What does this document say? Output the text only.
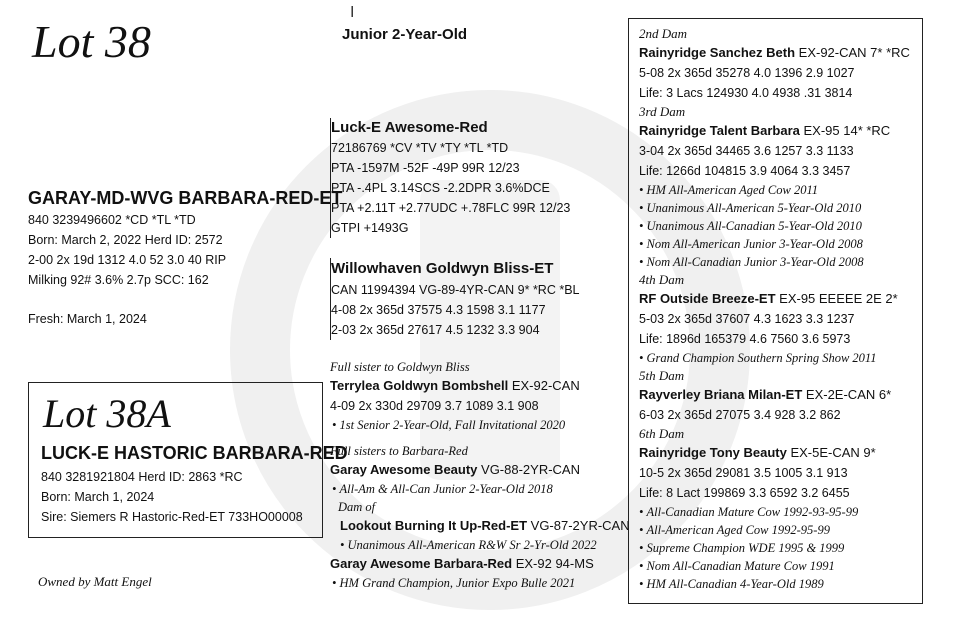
I
Lot 38	Junior 2-Year-Old
GARAY-MD-WVG BARBARA-RED-ET
840 3239496602 *CD *TL *TD
Born: March 2, 2022 Herd ID: 2572
2-00 2x 19d 1312 4.0 52 3.0 40 RIP
Milking 92# 3.6% 2.7p SCC: 162
Fresh: March 1, 2024
Lot 38A
LUCK-E HASTORIC BARBARA-RED
840 3281921804 Herd ID: 2863 *RC
Born: March 1, 2024
Sire: Siemers R Hastoric-Red-ET 733HO00008
Owned by Matt Engel
Luck-E Awesome-Red
72186769 *CV *TV *TY *TL *TD
PTA -1597M -52F -49P 99R 12/23
PTA -.4PL 3.14SCS -2.2DPR 3.6%DCE
PTA +2.11T +2.77UDC +.78FLC 99R 12/23
GTPI +1493G
Willowhaven Goldwyn Bliss-ET
CAN 11994394 VG-89-4YR-CAN 9* *RC *BL
4-08 2x 365d 37575 4.3 1598 3.1 1177
2-03 2x 365d 27617 4.5 1232 3.3 904
Full sister to Goldwyn Bliss
Terrylea Goldwyn Bombshell EX-92-CAN
4-09 2x 330d 29709 3.7 1089 3.1 908
• 1st Senior 2-Year-Old, Fall Invitational 2020
Full sisters to Barbara-Red
Garay Awesome Beauty VG-88-2YR-CAN
• All-Am & All-Can Junior 2-Year-Old 2018
Dam of
Lookout Burning It Up-Red-ET VG-87-2YR-CAN
• Unanimous All-American R&W Sr 2-Yr-Old 2022
Garay Awesome Barbara-Red EX-92 94-MS
• HM Grand Champion, Junior Expo Bulle 2021
2nd Dam
Rainyridge Sanchez Beth EX-92-CAN 7* *RC
5-08 2x 365d 35278 4.0 1396 2.9 1027
Life: 3 Lacs 124930 4.0 4938 .31 3814
3rd Dam
Rainyridge Talent Barbara EX-95 14* *RC
3-04 2x 365d 34465 3.6 1257 3.3 1133
Life: 1266d 104815 3.9 4064 3.3 3457
• HM All-American Aged Cow 2011
• Unanimous All-American 5-Year-Old 2010
• Unanimous All-Canadian 5-Year-Old 2010
• Nom All-American Junior 3-Year-Old 2008
• Nom All-Canadian Junior 3-Year-Old 2008
4th Dam
RF Outside Breeze-ET EX-95 EEEEE 2E 2*
5-03 2x 365d 37607 4.3 1623 3.3 1237
Life: 1896d 165379 4.6 7560 3.6 5973
• Grand Champion Southern Spring Show 2011
5th Dam
Rayverley Briana Milan-ET EX-2E-CAN 6*
6-03 2x 365d 27075 3.4 928 3.2 862
6th Dam
Rainyridge Tony Beauty EX-5E-CAN 9*
10-5 2x 365d 29081 3.5 1005 3.1 913
Life: 8 Lact 199869 3.3 6592 3.2 6455
• All-Canadian Mature Cow 1992-93-95-99
• All-American Aged Cow 1992-95-99
• Supreme Champion WDE 1995 & 1999
• Nom All-Canadian Mature Cow 1991
• HM All-Canadian 4-Year-Old 1989
